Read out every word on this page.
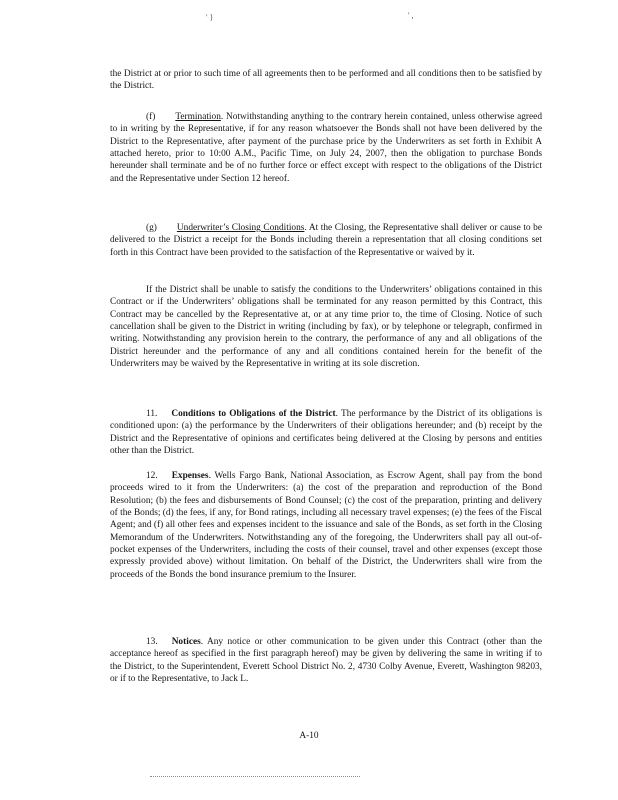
' }	' ,

the District at or prior to such time of all agreements then to be performed and all conditions then to be satisfied by the District.

(f) Termination. Notwithstanding anything to the contrary herein contained, unless otherwise agreed to in writing by the Representative, if for any reason whatsoever the Bonds shall not have been delivered by the District to the Representative, after payment of the purchase price by the Underwriters as set forth in Exhibit A attached hereto, prior to 10:00 A.M., Pacific Time, on July 24, 2007, then the obligation to purchase Bonds hereunder shall terminate and be of no further force or effect except with respect to the obligations of the District and the Representative under Section 12 hereof.

(g) Underwriter’s Closing Conditions. At the Closing, the Representative shall deliver or cause to be delivered to the District a receipt for the Bonds including therein a representation that all closing conditions set forth in this Contract have been provided to the satisfaction of the Representative or waived by it.

If the District shall be unable to satisfy the conditions to the Underwriters’ obligations contained in this Contract or if the Underwriters’ obligations shall be terminated for any reason permitted by this Contract, this Contract may be cancelled by the Representative at, or at any time prior to, the time of Closing. Notice of such cancellation shall be given to the District in writing (including by fax), or by telephone or telegraph, confirmed in writing. Notwithstanding any provision herein to the contrary, the performance of any and all obligations of the District hereunder and the performance of any and all conditions contained herein for the benefit of the Underwriters may be waived by the Representative in writing at its sole discretion.

11. Conditions to Obligations of the District. The performance by the District of its obligations is conditioned upon: (a) the performance by the Underwriters of their obligations hereunder; and (b) receipt by the District and the Representative of opinions and certificates being delivered at the Closing by persons and entities other than the District.

12. Expenses. Wells Fargo Bank, National Association, as Escrow Agent, shall pay from the bond proceeds wired to it from the Underwriters: (a) the cost of the preparation and reproduction of the Bond Resolution; (b) the fees and disbursements of Bond Counsel; (c) the cost of the preparation, printing and delivery of the Bonds; (d) the fees, if any, for Bond ratings, including all necessary travel expenses; (e) the fees of the Fiscal Agent; and (f) all other fees and expenses incident to the issuance and sale of the Bonds, as set forth in the Closing Memorandum of the Underwriters. Notwithstanding any of the foregoing, the Underwriters shall pay all out-of-pocket expenses of the Underwriters, including the costs of their counsel, travel and other expenses (except those expressly provided above) without limitation. On behalf of the District, the Underwriters shall wire from the proceeds of the Bonds the bond insurance premium to the Insurer.

13. Notices. Any notice or other communication to be given under this Contract (other than the acceptance hereof as specified in the first paragraph hereof) may be given by delivering the same in writing if to the District, to the Superintendent, Everett School District No. 2, 4730 Colby Avenue, Everett, Washington 98203, or if to the Representative, to Jack L.

A-10
